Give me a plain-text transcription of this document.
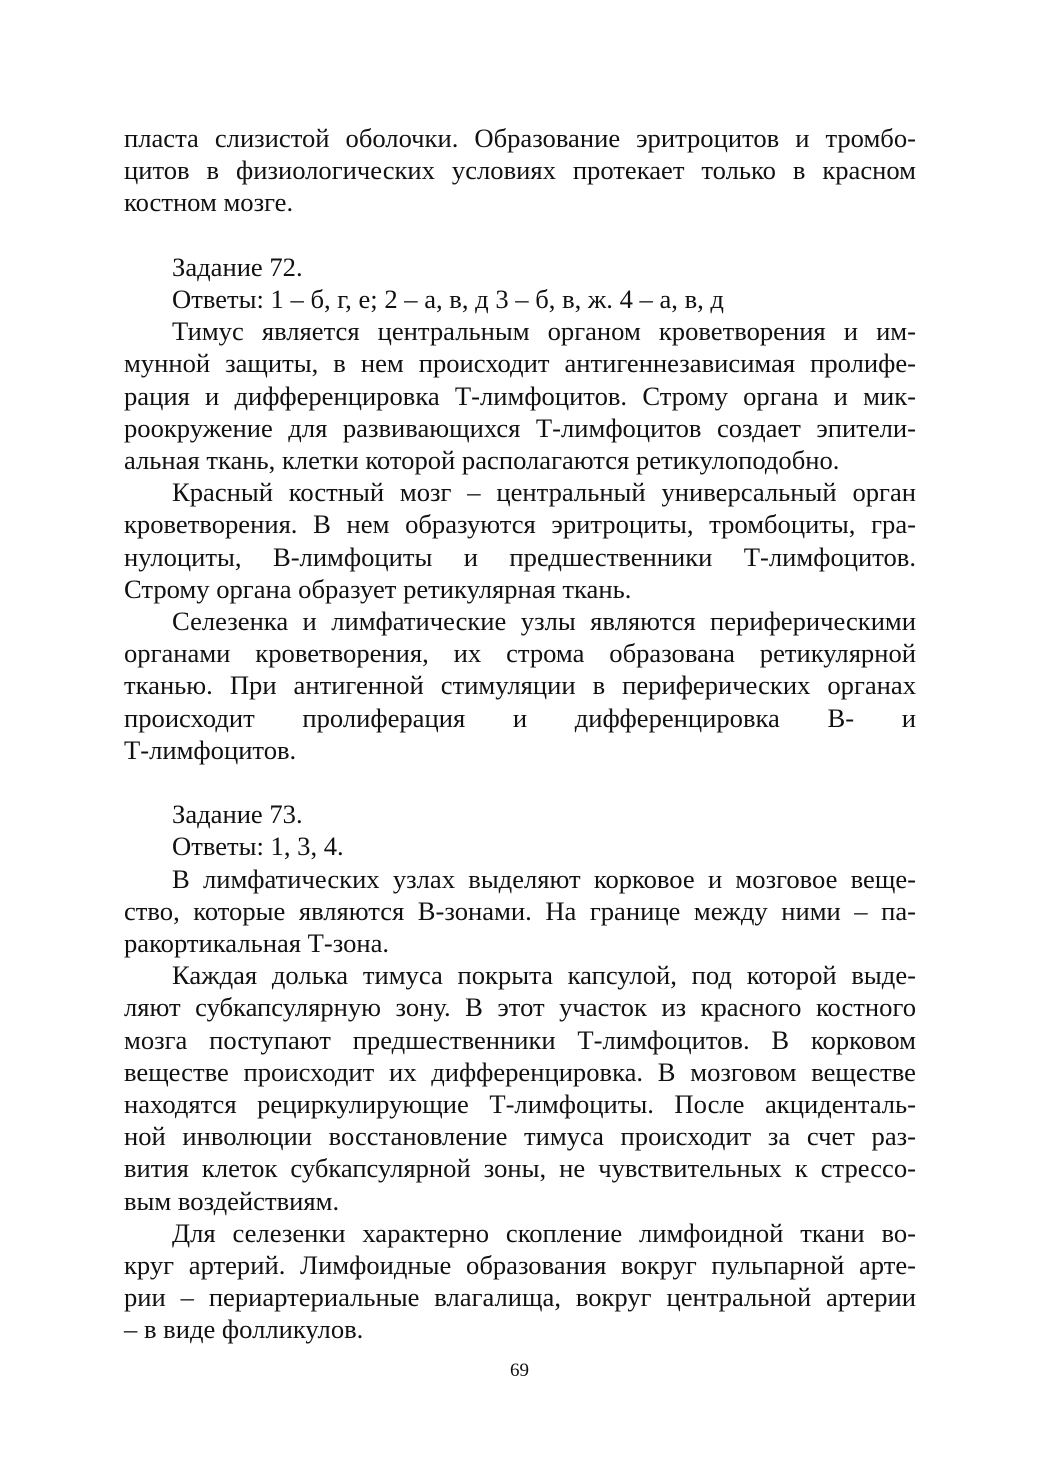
пласта слизистой оболочки. Образование эритроцитов и тромбо-
цитов в физиологических условиях протекает только в красном
костном мозге.

Задание 72.

Ответы: 1 – б, г, е; 2 – а, в, д 3 – б, в, ж. 4 – а, в, д

Тимус является центральным органом кроветворения и им-
мунной защиты, в нем происходит антигеннезависимая пролифе-
рация и дифференцировка Т-лимфоцитов. Строму органа и мик-
роокружение для развивающихся Т-лимфоцитов создает эпители-
альная ткань, клетки которой располагаются ретикулоподобно.

Красный костный мозг – центральный универсальный орган
кроветворения. В нем образуются эритроциты, тромбоциты, гра-
нулоциты, В-лимфоциты и предшественники Т-лимфоцитов.
Строму органа образует ретикулярная ткань.

Селезенка и лимфатические узлы являются периферическими
органами кроветворения, их строма образована ретикулярной
тканью. При антигенной стимуляции в периферических органах
происходит пролиферация и дифференцировка В- и
Т-лимфоцитов.

Задание 73.

Ответы: 1, 3, 4.

В лимфатических узлах выделяют корковое и мозговое веще-
ство, которые являются В-зонами. На границе между ними – па-
ракортикальная Т-зона.

Каждая долька тимуса покрыта капсулой, под которой выде-
ляют субкапсулярную зону. В этот участок из красного костного
мозга поступают предшественники Т-лимфоцитов. В корковом
веществе происходит их дифференцировка. В мозговом веществе
находятся рециркулирующие Т-лимфоциты. После акциденталь-
ной инволюции восстановление тимуса происходит за счет раз-
вития клеток субкапсулярной зоны, не чувствительных к стрессо-
вым воздействиям.

Для селезенки характерно скопление лимфоидной ткани во-
круг артерий. Лимфоидные образования вокруг пульпарной арте-
рии – периартериальные влагалища, вокруг центральной артерии
– в виде фолликулов.

69
